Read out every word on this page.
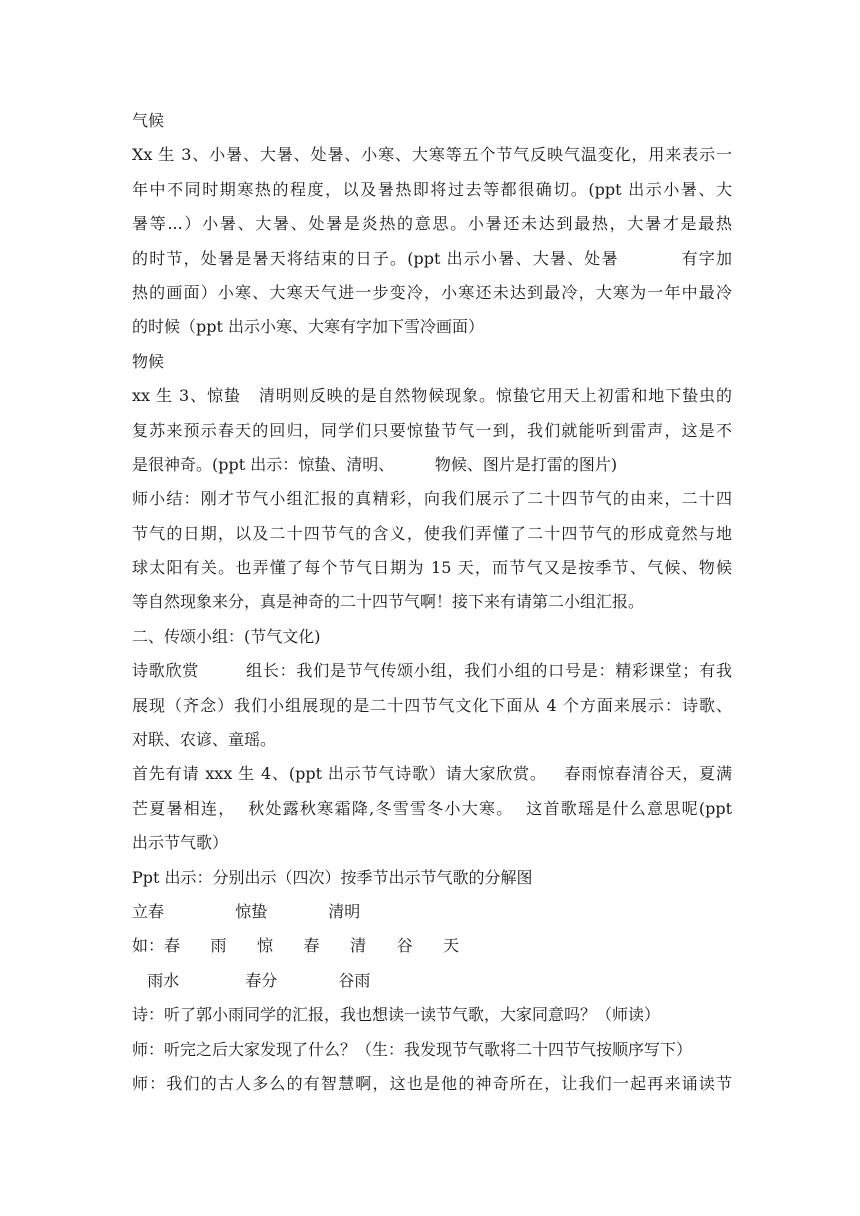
气候
Xx 生 3、小暑、大暑、处暑、小寒、大寒等五个节气反映气温变化，用来表示一
年中不同时期寒热的程度，以及暑热即将过去等都很确切。(ppt 出示小暑、大
暑等...）小暑、大暑、处暑是炎热的意思。小暑还未达到最热，大暑才是最热
的时节，处暑是暑天将结束的日子。(ppt 出示小暑、大暑、处暑          有字加
热的画面）小寒、大寒天气进一步变冷，小寒还未达到最冷，大寒为一年中最冷
的时候（ppt 出示小寒、大寒有字加下雪冷画面）
物候
xx 生 3、惊蛰   清明则反映的是自然物候现象。惊蛰它用天上初雷和地下蛰虫的
复苏来预示春天的回归，同学们只要惊蛰节气一到，我们就能听到雷声，这是不
是很神奇。(ppt 出示：惊蛰、清明、        物候、图片是打雷的图片)
师小结：刚才节气小组汇报的真精彩，向我们展示了二十四节气的由来，二十四
节气的日期，以及二十四节气的含义，使我们弄懂了二十四节气的形成竟然与地
球太阳有关。也弄懂了每个节气日期为 15 天，而节气又是按季节、气候、物候
等自然现象来分，真是神奇的二十四节气啊！接下来有请第二小组汇报。
二、传颂小组：(节气文化)
诗歌欣赏        组长：我们是节气传颂小组，我们小组的口号是：精彩课堂；有我
展现（齐念）我们小组展现的是二十四节气文化下面从 4 个方面来展示：诗歌、
对联、农谚、童瑶。
首先有请 xxx 生 4、(ppt 出示节气诗歌）请大家欣赏。   春雨惊春清谷天，夏满
芒夏暑相连，  秋处露秋寒霜降,冬雪雪冬小大寒。  这首歌瑶是什么意思呢(ppt
出示节气歌）
Ppt 出示：分别出示（四次）按季节出示节气歌的分解图
立春              惊蛰            清明
如：春      雨      惊      春      清      谷      天
雨水             春分            谷雨
诗：听了郭小雨同学的汇报，我也想读一读节气歌，大家同意吗？（师读）
师：听完之后大家发现了什么？（生：我发现节气歌将二十四节气按顺序写下）
师：我们的古人多么的有智慧啊，这也是他的神奇所在，让我们一起再来诵读节
